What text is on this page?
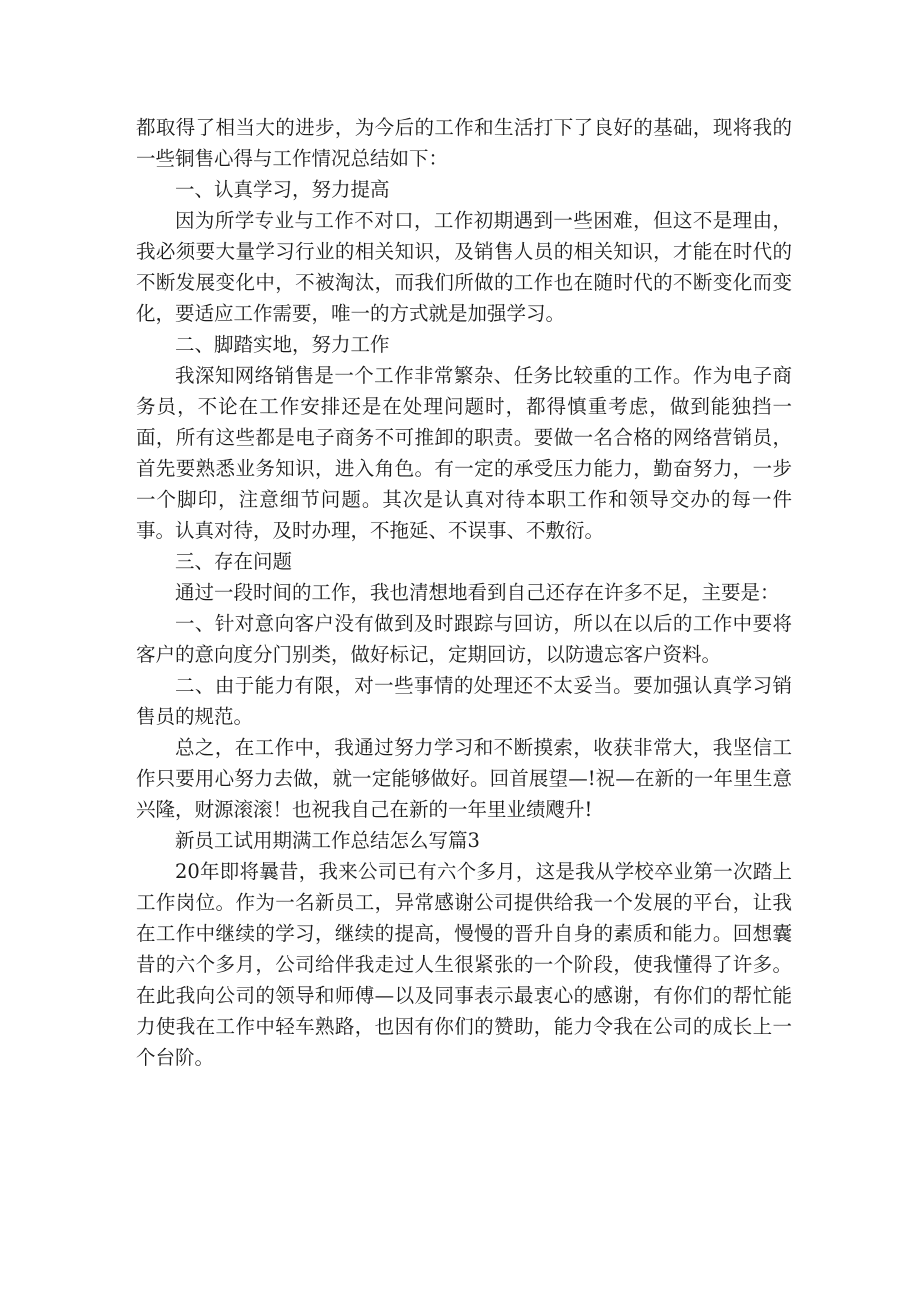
都取得了相当大的进步，为今后的工作和生活打下了良好的基础，现将我的一些铜售心得与工作情况总结如下：

一、认真学习，努力提高

因为所学专业与工作不对口，工作初期遇到一些困难，但这不是理由，我必须要大量学习行业的相关知识，及销售人员的相关知识，才能在时代的不断发展变化中，不被淘汰，而我们所做的工作也在随时代的不断变化而变化，要适应工作需要，唯一的方式就是加强学习。

二、脚踏实地，努力工作

我深知网络销售是一个工作非常繁杂、任务比较重的工作。作为电子商务员，不论在工作安排还是在处理问题时，都得慎重考虑，做到能独挡一面，所有这些都是电子商务不可推卸的职责。要做一名合格的网络营销员，首先要熟悉业务知识，进入角色。有一定的承受压力能力，勤奋努力，一步一个脚印，注意细节问题。其次是认真对待本职工作和领导交办的每一件事。认真对待，及时办理，不拖延、不误事、不敷衍。

三、存在问题

通过一段时间的工作，我也清想地看到自己还存在许多不足，主要是：

一、针对意向客户没有做到及时跟踪与回访，所以在以后的工作中要将客户的意向度分门别类，做好标记，定期回访，以防遗忘客户资料。

二、由于能力有限，对一些事情的处理还不太妥当。要加强认真学习销售员的规范。

总之，在工作中，我通过努力学习和不断摸索，收获非常大，我坚信工作只要用心努力去做，就一定能够做好。回首展望—!祝—在新的一年里生意兴隆，财源滚滚！也祝我自己在新的一年里业绩飕升!

新员工试用期满工作总结怎么写篇3

20年即将曩昔，我来公司已有六个多月，这是我从学校卒业第一次踏上工作岗位。作为一名新员工，异常感谢公司提供给我一个发展的平台，让我在工作中继续的学习，继续的提高，慢慢的晋升自身的素质和能力。回想囊昔的六个多月，公司给伴我走过人生很紧张的一个阶段，使我懂得了许多。在此我向公司的领导和师傅—以及同事表示最衷心的感谢，有你们的帮忙能力使我在工作中轻车熟路，也因有你们的赞助，能力令我在公司的成长上一个台阶。
